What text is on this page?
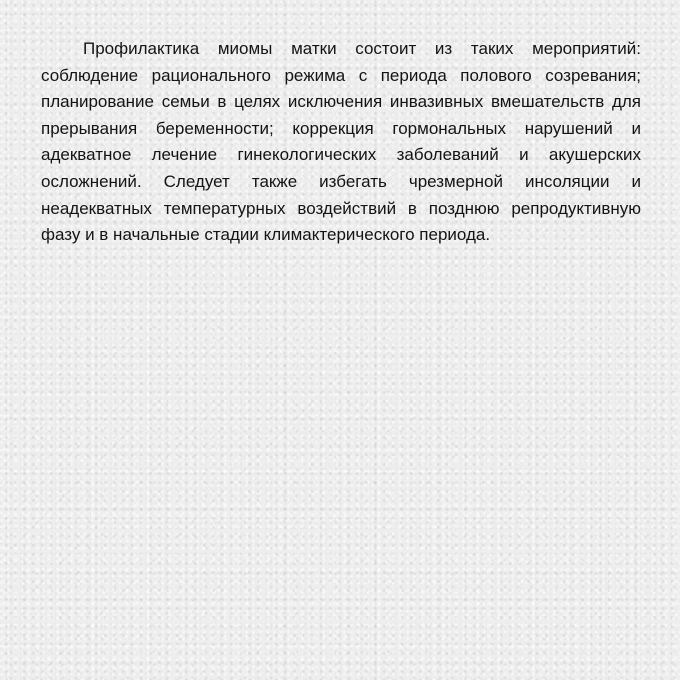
Профилактика миомы матки состоит из таких мероприятий: соблюдение рационального режима с периода полового созревания; планирование семьи в целях исключения инвазивных вмешательств для прерывания беременности; коррекция гормональных нарушений и адекватное лечение гинекологических заболеваний и акушерских осложнений. Следует также избегать чрезмерной инсоляции и неадекватных температурных воздействий в позднюю репродуктивную фазу и в начальные стадии климактерического периода.
